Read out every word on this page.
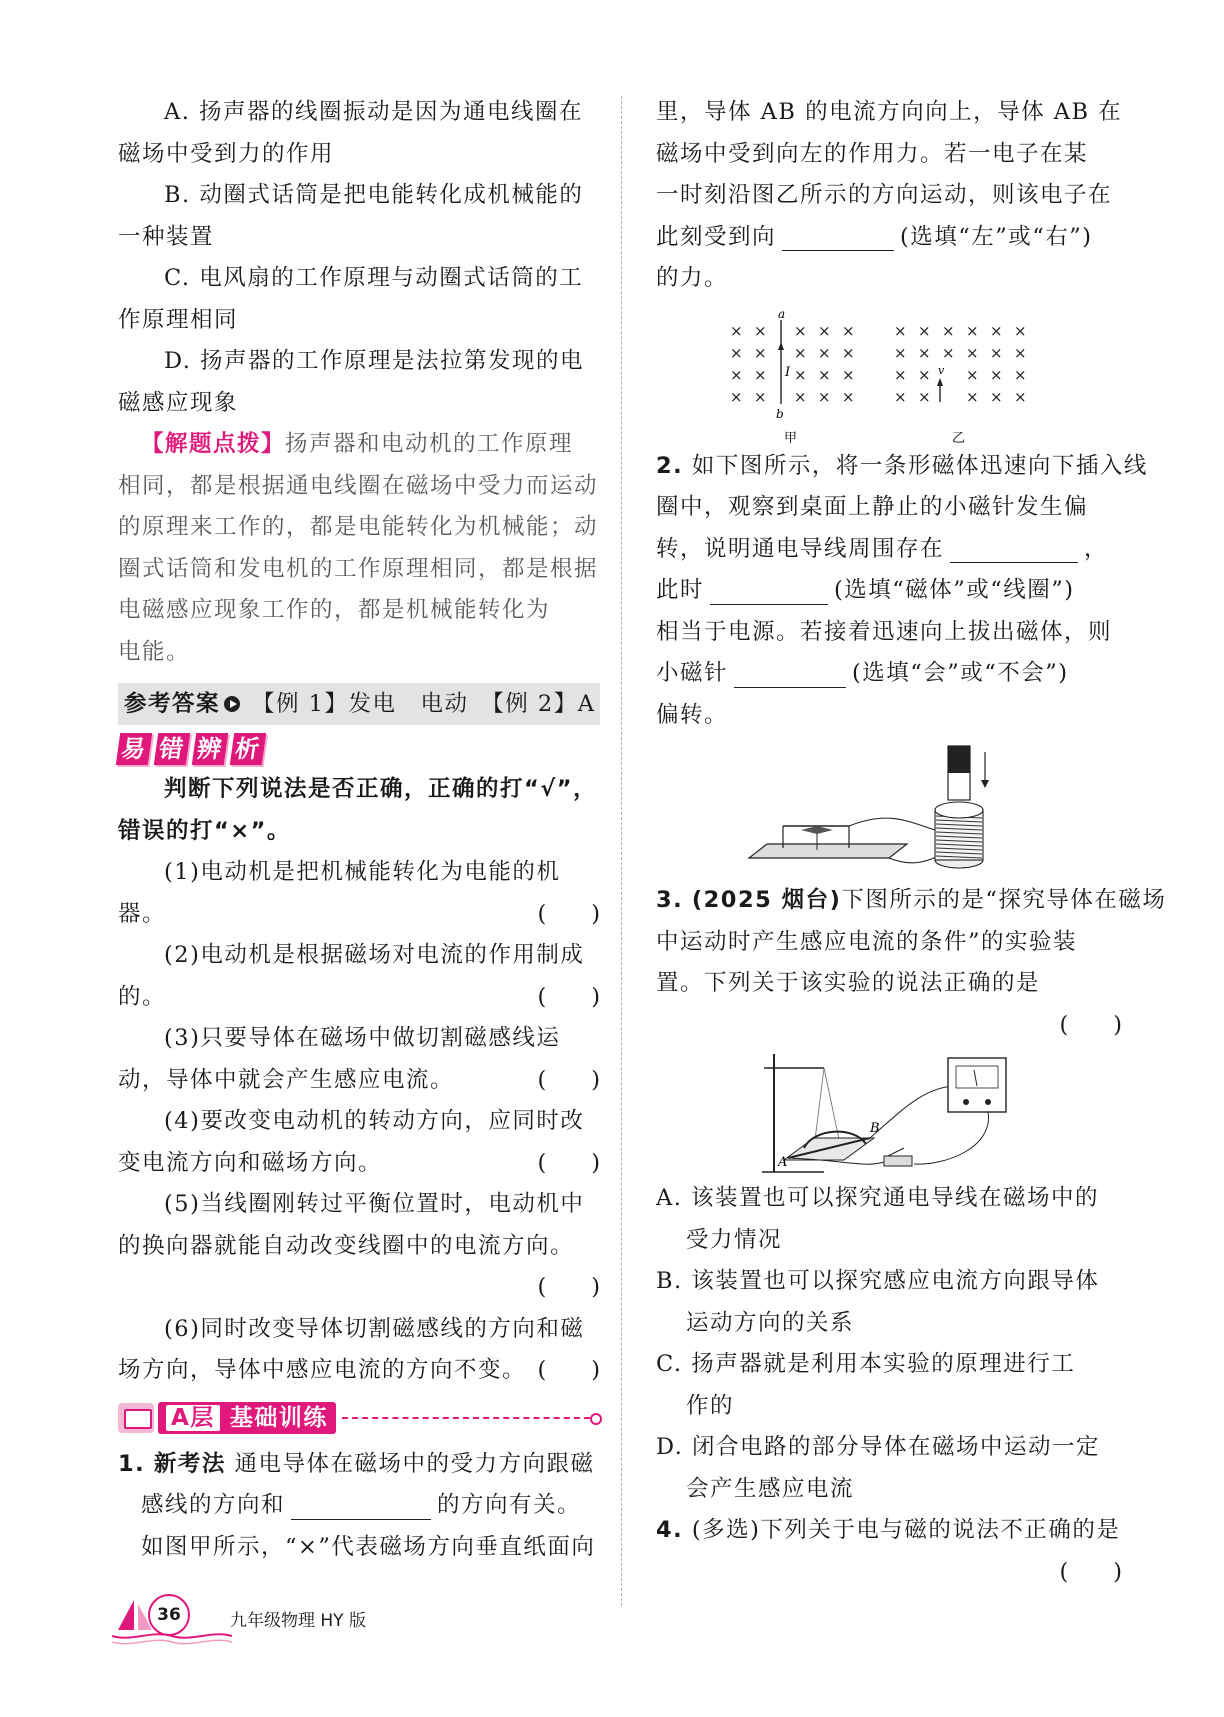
A. 扬声器的线圈振动是因为通电线圈在
磁场中受到力的作用
B. 动圈式话筒是把电能转化成机械能的
一种装置
C. 电风扇的工作原理与动圈式话筒的工
作原理相同
D. 扬声器的工作原理是法拉第发现的电
磁感应现象
【解题点拨】扬声器和电动机的工作原理
相同，都是根据通电线圈在磁场中受力而运动
的原理来工作的，都是电能转化为机械能；动
圈式话筒和发电机的工作原理相同，都是根据
电磁感应现象工作的，都是机械能转化为
电能。
参考答案 【例 1】发电　电动　【例 2】A
易 错 辨 析
判断下列说法是否正确，正确的打“√”，
错误的打“×”。
(1)电动机是把机械能转化为电能的机
器。	(　　)
(2)电动机是根据磁场对电流的作用制成
的。	(　　)
(3)只要导体在磁场中做切割磁感线运
动，导体中就会产生感应电流。	(　　)
(4)要改变电动机的转动方向，应同时改
变电流方向和磁场方向。	(　　)
(5)当线圈刚转过平衡位置时，电动机中
的换向器就能自动改变线圈中的电流方向。
(　　)
(6)同时改变导体切割磁感线的方向和磁
场方向，导体中感应电流的方向不变。 (　　)
A层 基础训练
1. 新考法 通电导体在磁场中的受力方向跟磁
感线的方向和	的方向有关。
如图甲所示，“×”代表磁场方向垂直纸面向
里，导体 AB 的电流方向向上，导体 AB 在
磁场中受到向左的作用力。若一电子在某
一时刻沿图乙所示的方向运动，则该电子在
此刻受到向	(选填“左”或“右”)
的力。
× × × × ×
× × × × ×
× × × × ×
× × × × ×
× × × × × ×
× × × × × ×
× × × × ×
× × × × ×
a
b
I	v
甲	乙
2. 如下图所示，将一条形磁体迅速向下插入线
圈中，观察到桌面上静止的小磁针发生偏
转，说明通电导线周围存在	，
此时	(选填“磁体”或“线圈”)
相当于电源。若接着迅速向上拔出磁体，则
小磁针	(选填“会”或“不会”)
偏转。
3. (2025 烟台)下图所示的是“探究导体在磁场
中运动时产生感应电流的条件”的实验装
置。下列关于该实验的说法正确的是
(　　)
A
B
A. 该装置也可以探究通电导线在磁场中的
受力情况
B. 该装置也可以探究感应电流方向跟导体
运动方向的关系
C. 扬声器就是利用本实验的原理进行工
作的
D. 闭合电路的部分导体在磁场中运动一定
会产生感应电流
4. (多选)下列关于电与磁的说法不正确的是
(　　)
36	九年级物理 HY 版
